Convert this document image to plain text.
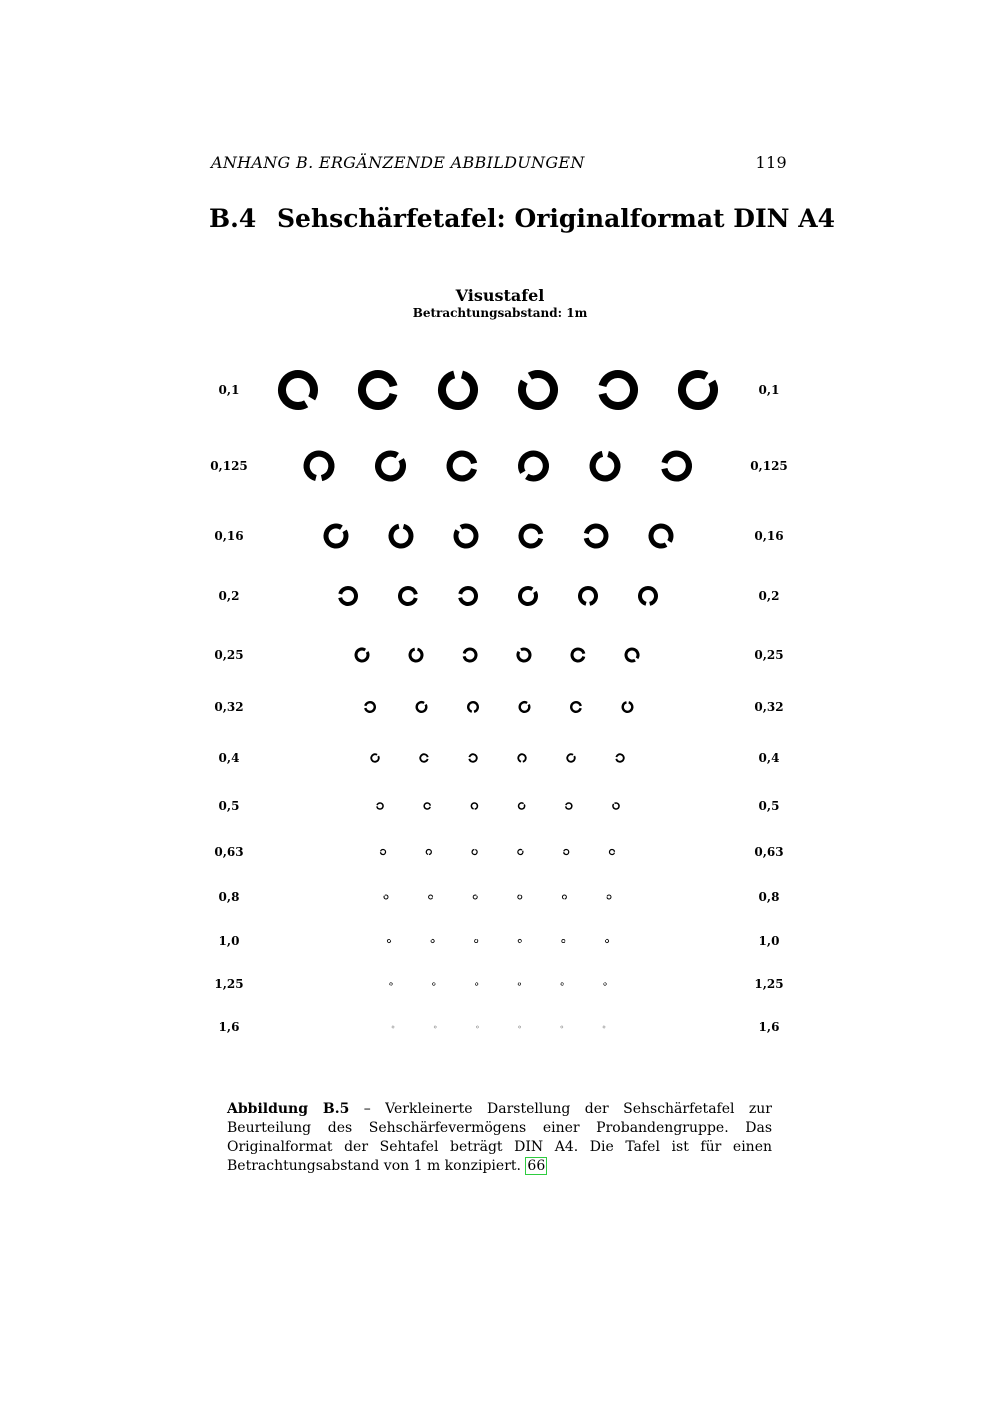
ANHANG B. ERGÄNZENDE ABBILDUNGEN	119
B.4 Sehschärfetafel: Originalformat DIN A4
Visustafel
Betrachtungsabstand: 1m
0,1	0,1
0,125	0,125
0,16	0,16
0,2	0,2
0,25	0,25
0,32	0,32
0,4	0,4
0,5	0,5
0,63	0,63
0,8	0,8
1,0	1,0
1,25	1,25
1,6	1,6

Abbildung B.5 – Verkleinerte Darstellung der Sehschärfetafel zur Beurteilung des Sehschärfevermögens einer Probandengruppe. Das Originalformat der Sehtafel beträgt DIN A4. Die Tafel ist für einen Betrachtungsabstand von 1 m konzipiert. 66
